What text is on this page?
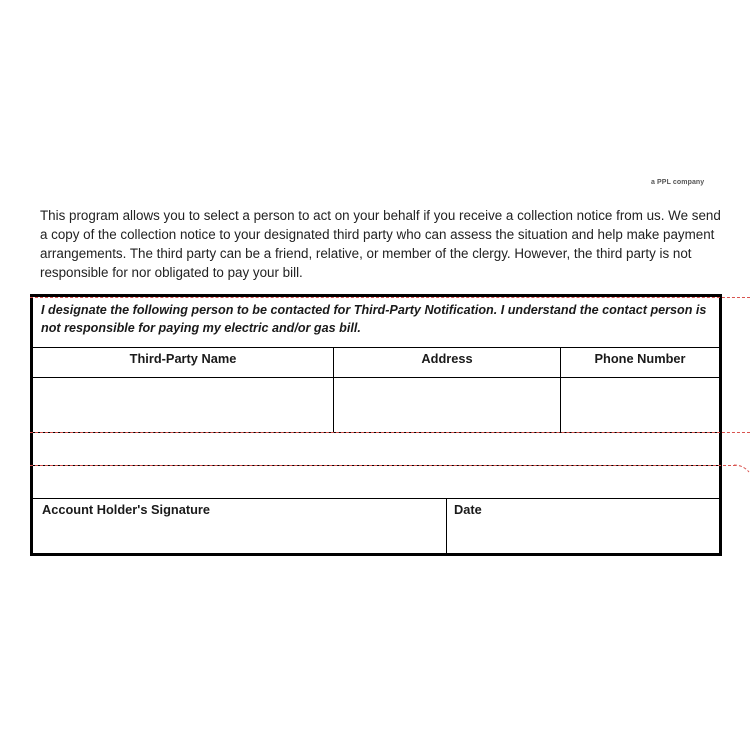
a PPL company

This program allows you to select a person to act on your behalf if you receive a collection notice from us. We send a copy of the collection notice to your designated third party who can assess the situation and help make payment arrangements. The third party can be a friend, relative, or member of the clergy. However, the third party is not responsible for nor obligated to pay your bill.

I designate the following person to be contacted for Third-Party Notification. I understand the contact person is not responsible for paying my electric and/or gas bill.
Third-Party Name	Address	Phone Number
Account Holder's Signature	Date
